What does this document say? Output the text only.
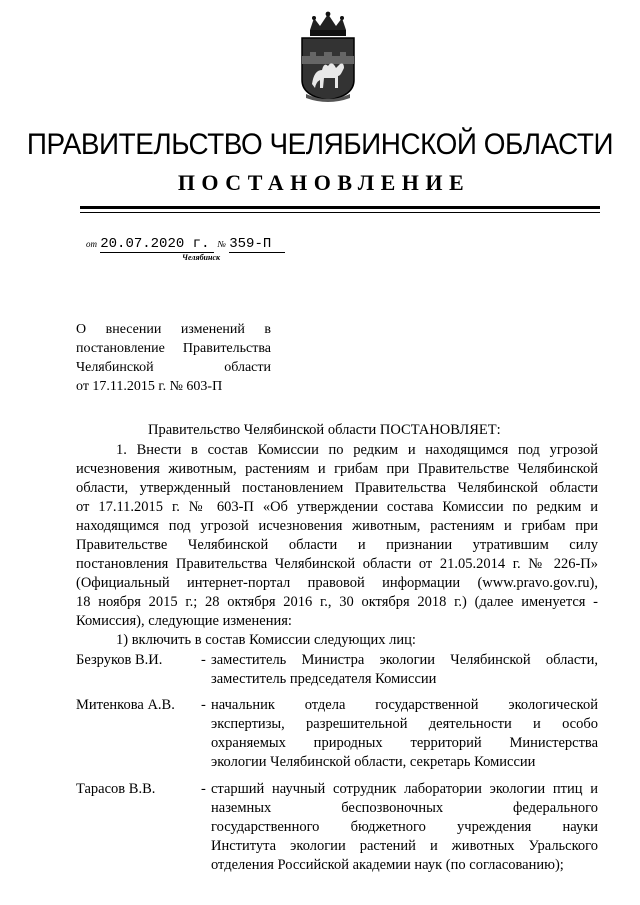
ПРАВИТЕЛЬСТВО ЧЕЛЯБИНСКОЙ ОБЛАСТИ
ПОСТАНОВЛЕНИЕ
от 20.07.2020 г. № 359-П
Челябинск
О внесении изменений в
постановление Правительства
Челябинской области
от 17.11.2015 г. № 603-П
Правительство Челябинской области ПОСТАНОВЛЯЕТ:
1. Внести в состав Комиссии по редким и находящимся под угрозой
исчезновения животным, растениям и грибам при Правительстве Челябинской
области, утвержденный постановлением Правительства Челябинской области
от 17.11.2015 г. № 603-П «Об утверждении состава Комиссии по редким и
находящимся под угрозой исчезновения животным, растениям и грибам при
Правительстве Челябинской области и признании утратившим силу
постановления Правительства Челябинской области от 21.05.2014 г. № 226-П»
(Официальный интернет-портал правовой информации (www.pravo.gov.ru),
18 ноября 2015 г.; 28 октября 2016 г., 30 октября 2018 г.) (далее именуется -
Комиссия), следующие изменения:
1) включить в состав Комиссии следующих лиц:
Безруков В.И.	- заместитель Министра экологии Челябинской области,
заместитель председателя Комиссии
Митенкова А.В. - начальник отдела государственной экологической
экспертизы, разрешительной деятельности и особо
охраняемых природных территорий Министерства
экологии Челябинской области, секретарь Комиссии
Тарасов В.В.	- старший научный сотрудник лаборатории экологии птиц и
наземных беспозвоночных федерального
государственного бюджетного учреждения науки
Института экологии растений и животных Уральского
отделения Российской академии наук (по согласованию);
